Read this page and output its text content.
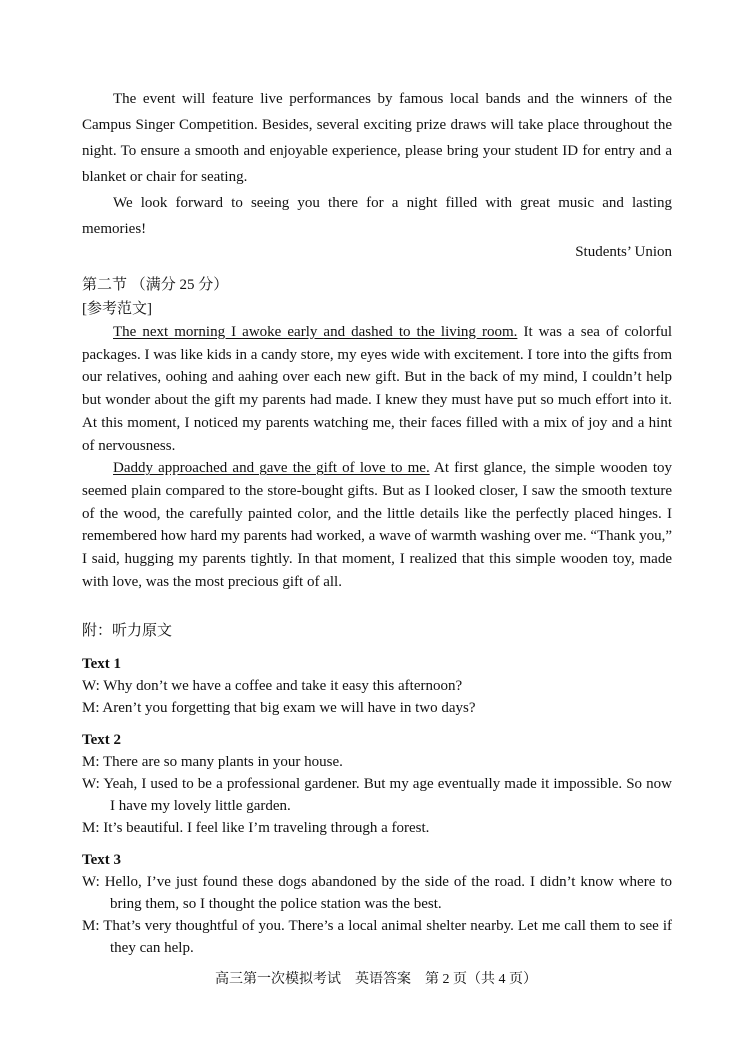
The event will feature live performances by famous local bands and the winners of the Campus Singer Competition. Besides, several exciting prize draws will take place throughout the night. To ensure a smooth and enjoyable experience, please bring your student ID for entry and a blanket or chair for seating.

We look forward to seeing you there for a night filled with great music and lasting memories!

Students’ Union

第二节 （满分 25 分）

[参考范文]

The next morning I awoke early and dashed to the living room. It was a sea of colorful packages. I was like kids in a candy store, my eyes wide with excitement. I tore into the gifts from our relatives, oohing and aahing over each new gift. But in the back of my mind, I couldn’t help but wonder about the gift my parents had made. I knew they must have put so much effort into it. At this moment, I noticed my parents watching me, their faces filled with a mix of joy and a hint of nervousness.

Daddy approached and gave the gift of love to me. At first glance, the simple wooden toy seemed plain compared to the store-bought gifts. But as I looked closer, I saw the smooth texture of the wood, the carefully painted color, and the little details like the perfectly placed hinges. I remembered how hard my parents had worked, a wave of warmth washing over me. “Thank you,” I said, hugging my parents tightly. In that moment, I realized that this simple wooden toy, made with love, was the most precious gift of all.

附：听力原文

Text 1

W: Why don’t we have a coffee and take it easy this afternoon?

M: Aren’t you forgetting that big exam we will have in two days?

Text 2

M: There are so many plants in your house.

W: Yeah, I used to be a professional gardener. But my age eventually made it impossible. So now I have my lovely little garden.

M: It’s beautiful. I feel like I’m traveling through a forest.

Text 3

W: Hello, I’ve just found these dogs abandoned by the side of the road. I didn’t know where to bring them, so I thought the police station was the best.

M: That’s very thoughtful of you. There’s a local animal shelter nearby. Let me call them to see if they can help.

高三第一次模拟考试　英语答案　第 2 页（共 4 页）
